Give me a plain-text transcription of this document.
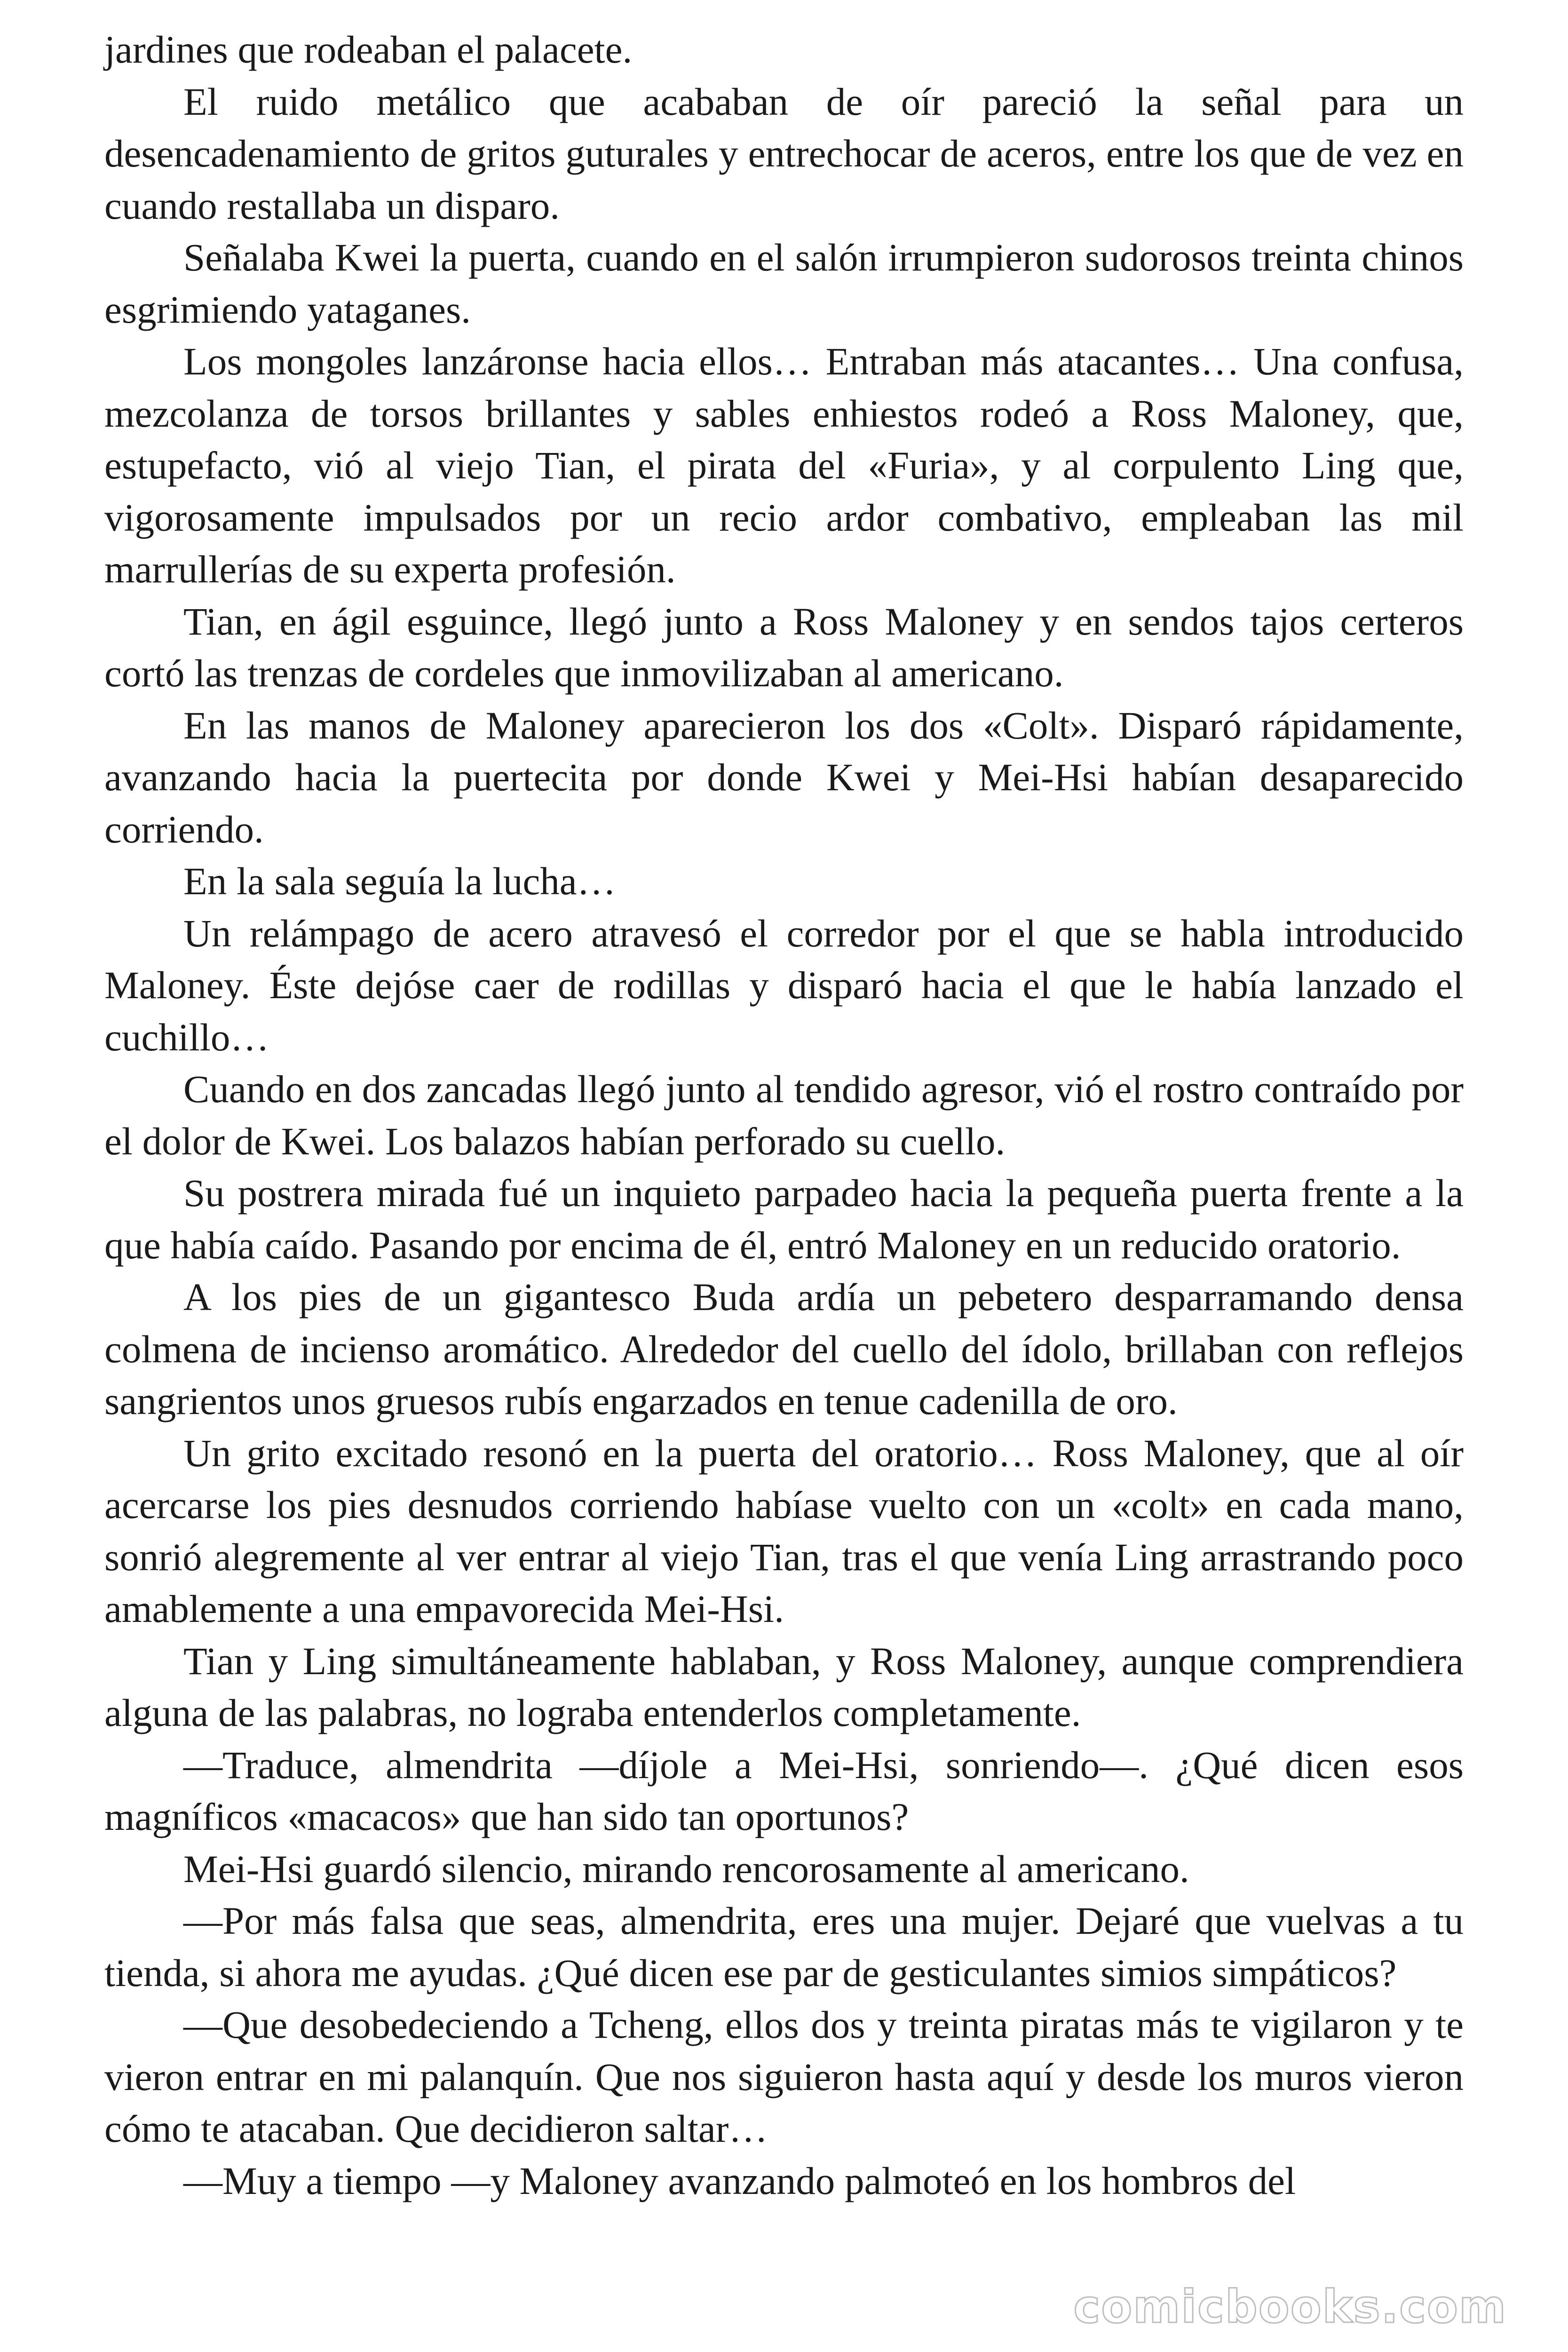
jardines que rodeaban el palacete.

El ruido metálico que acababan de oír pareció la señal para un desencadenamiento de gritos guturales y entrechocar de aceros, entre los que de vez en cuando restallaba un disparo.

Señalaba Kwei la puerta, cuando en el salón irrumpieron sudorosos treinta chinos esgrimiendo yataganes.

Los mongoles lanzáronse hacia ellos… Entraban más atacantes… Una confusa, mezcolanza de torsos brillantes y sables enhiestos rodeó a Ross Maloney, que, estupefacto, vió al viejo Tian, el pirata del «Furia», y al corpulento Ling que, vigorosamente impulsados por un recio ardor combativo, empleaban las mil marrullerías de su experta profesión.

Tian, en ágil esguince, llegó junto a Ross Maloney y en sendos tajos certeros cortó las trenzas de cordeles que inmovilizaban al americano.

En las manos de Maloney aparecieron los dos «Colt». Disparó rápidamente, avanzando hacia la puertecita por donde Kwei y Mei-Hsi habían desaparecido corriendo.

En la sala seguía la lucha…

Un relámpago de acero atravesó el corredor por el que se habla introducido Maloney. Éste dejóse caer de rodillas y disparó hacia el que le había lanzado el cuchillo…

Cuando en dos zancadas llegó junto al tendido agresor, vió el rostro contraído por el dolor de Kwei. Los balazos habían perforado su cuello.

Su postrera mirada fué un inquieto parpadeo hacia la pequeña puerta frente a la que había caído. Pasando por encima de él, entró Maloney en un reducido oratorio.

A los pies de un gigantesco Buda ardía un pebetero desparramando densa colmena de incienso aromático. Alrededor del cuello del ídolo, brillaban con reflejos sangrientos unos gruesos rubís engarzados en tenue cadenilla de oro.

Un grito excitado resonó en la puerta del oratorio… Ross Maloney, que al oír acercarse los pies desnudos corriendo habíase vuelto con un «colt» en cada mano, sonrió alegremente al ver entrar al viejo Tian, tras el que venía Ling arrastrando poco amablemente a una empavorecida Mei-Hsi.

Tian y Ling simultáneamente hablaban, y Ross Maloney, aunque comprendiera alguna de las palabras, no lograba entenderlos completamente.

—Traduce, almendrita —díjole a Mei-Hsi, sonriendo—. ¿Qué dicen esos magníficos «macacos» que han sido tan oportunos?

Mei-Hsi guardó silencio, mirando rencorosamente al americano.

—Por más falsa que seas, almendrita, eres una mujer. Dejaré que vuelvas a tu tienda, si ahora me ayudas. ¿Qué dicen ese par de gesticulantes simios simpáticos?

—Que desobedeciendo a Tcheng, ellos dos y treinta piratas más te vigilaron y te vieron entrar en mi palanquín. Que nos siguieron hasta aquí y desde los muros vieron cómo te atacaban. Que decidieron saltar…

—Muy a tiempo —y Maloney avanzando palmoteó en los hombros del

comicbooks.com
